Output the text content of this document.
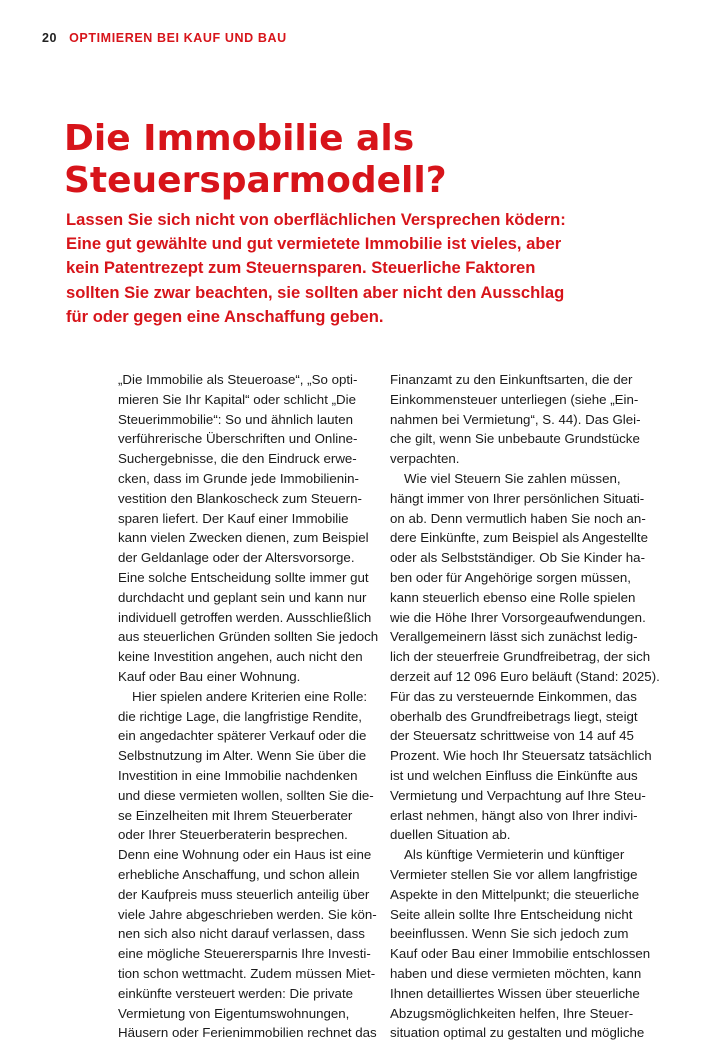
20 OPTIMIEREN BEI KAUF UND BAU
Die Immobilie als
Steuersparmodell?
Lassen Sie sich nicht von oberflächlichen Versprechen ködern:
Eine gut gewählte und gut vermietete Immobilie ist vieles, aber
kein Patentrezept zum Steuernsparen. Steuerliche Faktoren
sollten Sie zwar beachten, sie sollten aber nicht den Ausschlag
für oder gegen eine Anschaffung geben.
„Die Immobilie als Steueroase“, „So opti-
mieren Sie Ihr Kapital“ oder schlicht „Die
Steuerimmobilie“: So und ähnlich lauten
verführerische Überschriften und Online-
Suchergebnisse, die den Eindruck erwe-
cken, dass im Grunde jede Immobilienin-
vestition den Blankoscheck zum Steuern-
sparen liefert. Der Kauf einer Immobilie
kann vielen Zwecken dienen, zum Beispiel
der Geldanlage oder der Altersvorsorge.
Eine solche Entscheidung sollte immer gut
durchdacht und geplant sein und kann nur
individuell getroffen werden. Ausschließlich
aus steuerlichen Gründen sollten Sie jedoch
keine Investition angehen, auch nicht den
Kauf oder Bau einer Wohnung.
Hier spielen andere Kriterien eine Rolle:
die richtige Lage, die langfristige Rendite,
ein angedachter späterer Verkauf oder die
Selbstnutzung im Alter. Wenn Sie über die
Investition in eine Immobilie nachdenken
und diese vermieten wollen, sollten Sie die-
se Einzelheiten mit Ihrem Steuerberater
oder Ihrer Steuerberaterin besprechen.
Denn eine Wohnung oder ein Haus ist eine
erhebliche Anschaffung, und schon allein
der Kaufpreis muss steuerlich anteilig über
viele Jahre abgeschrieben werden. Sie kön-
nen sich also nicht darauf verlassen, dass
eine mögliche Steuerersparnis Ihre Investi-
tion schon wettmacht. Zudem müssen Miet-
einkünfte versteuert werden: Die private
Vermietung von Eigentumswohnungen,
Häusern oder Ferienimmobilien rechnet das
Finanzamt zu den Einkunftsarten, die der
Einkommensteuer unterliegen (siehe „Ein-
nahmen bei Vermietung“, S. 44). Das Glei-
che gilt, wenn Sie unbebaute Grundstücke
verpachten.
Wie viel Steuern Sie zahlen müssen,
hängt immer von Ihrer persönlichen Situati-
on ab. Denn vermutlich haben Sie noch an-
dere Einkünfte, zum Beispiel als Angestellte
oder als Selbstständiger. Ob Sie Kinder ha-
ben oder für Angehörige sorgen müssen,
kann steuerlich ebenso eine Rolle spielen
wie die Höhe Ihrer Vorsorgeaufwendungen.
Verallgemeinern lässt sich zunächst ledig-
lich der steuerfreie Grundfreibetrag, der sich
derzeit auf 12 096 Euro beläuft (Stand: 2025).
Für das zu versteuernde Einkommen, das
oberhalb des Grundfreibetrags liegt, steigt
der Steuersatz schrittweise von 14 auf 45
Prozent. Wie hoch Ihr Steuersatz tatsächlich
ist und welchen Einfluss die Einkünfte aus
Vermietung und Verpachtung auf Ihre Steu-
erlast nehmen, hängt also von Ihrer indivi-
duellen Situation ab.
Als künftige Vermieterin und künftiger
Vermieter stellen Sie vor allem langfristige
Aspekte in den Mittelpunkt; die steuerliche
Seite allein sollte Ihre Entscheidung nicht
beeinflussen. Wenn Sie sich jedoch zum
Kauf oder Bau einer Immobilie entschlossen
haben und diese vermieten möchten, kann
Ihnen detailliertes Wissen über steuerliche
Abzugsmöglichkeiten helfen, Ihre Steuer-
situation optimal zu gestalten und mögliche
